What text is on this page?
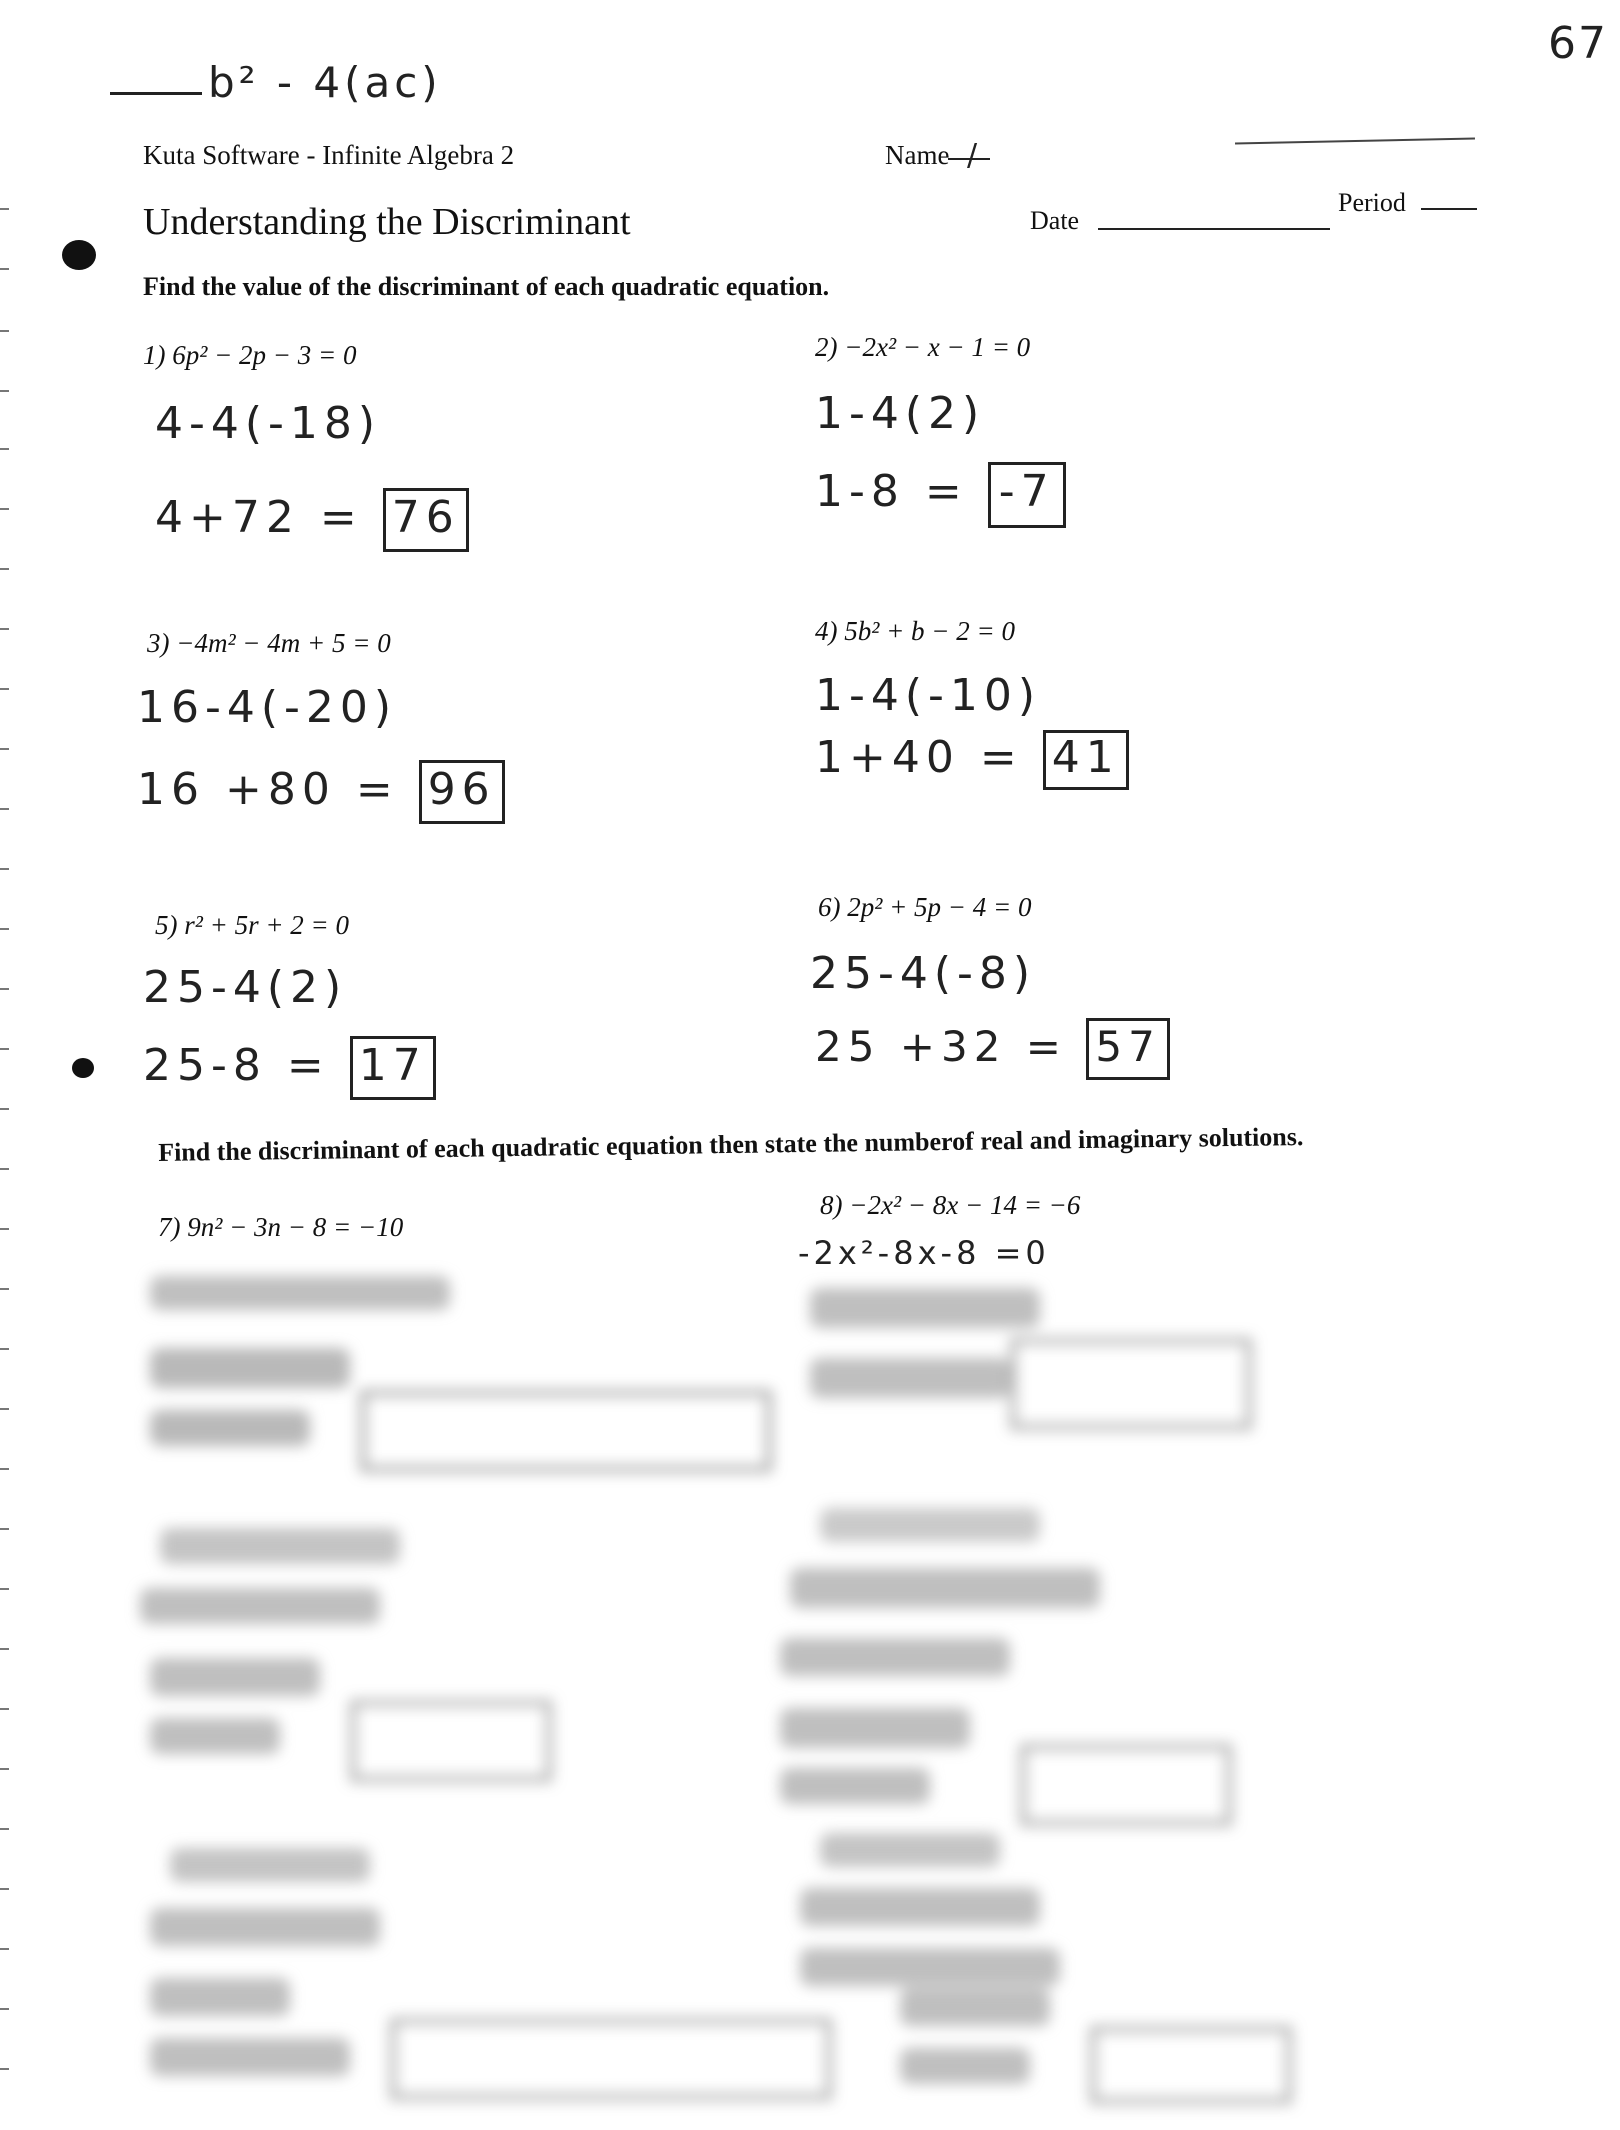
67
b² - 4(ac)
Kuta Software - Infinite Algebra 2	Name /
Understanding the Discriminant	Date
Period
Find the value of the discriminant of each quadratic equation.
1) 6p² − 2p − 3 = 0
4-4(-18)
4+72 = 76
2) −2x² − x − 1 = 0
1-4(2)
1-8 = -7
3) −4m² − 4m + 5 = 0
16-4(-20)
16 +80 = 96
4) 5b² + b − 2 = 0
1-4(-10)
1+40 = 41
5) r² + 5r + 2 = 0
25-4(2)
25-8 = 17
6) 2p² + 5p − 4 = 0
25-4(-8)
25 +32 = 57
Find the discriminant of each quadratic equation then state the numberof real and imaginary solutions.
7) 9n² − 3n − 8 = −10
8) −2x² − 8x − 14 = −6
-2x²-8x-8 =0
